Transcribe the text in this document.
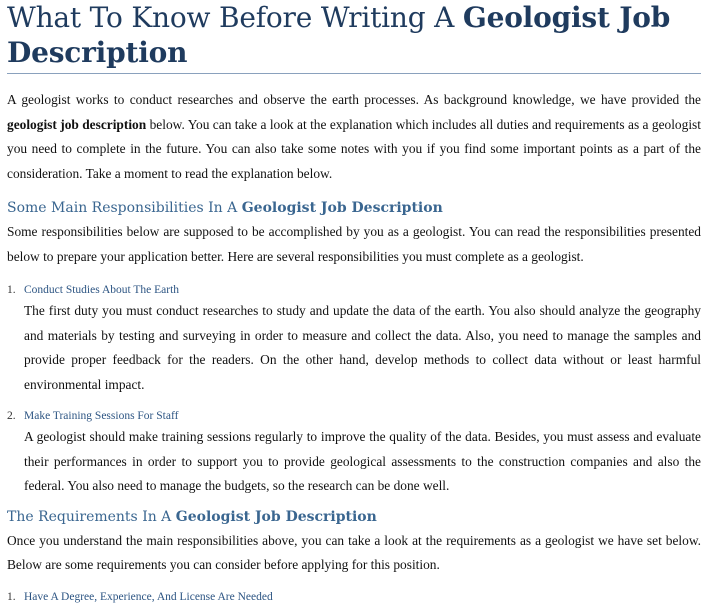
What To Know Before Writing A Geologist Job
Description

A geologist works to conduct researches and observe the earth processes. As background knowledge, we have provided the geologist job description below. You can take a look at the explanation which includes all duties and requirements as a geologist you need to complete in the future. You can also take some notes with you if you find some important points as a part of the consideration. Take a moment to read the explanation below.

Some Main Responsibilities In A Geologist Job Description

Some responsibilities below are supposed to be accomplished by you as a geologist. You can read the responsibilities presented below to prepare your application better. Here are several responsibilities you must complete as a geologist.

1. Conduct Studies About The Earth

The first duty you must conduct researches to study and update the data of the earth. You also should analyze the geography and materials by testing and surveying in order to measure and collect the data. Also, you need to manage the samples and provide proper feedback for the readers. On the other hand, develop methods to collect data without or least harmful environmental impact.

2. Make Training Sessions For Staff

A geologist should make training sessions regularly to improve the quality of the data. Besides, you must assess and evaluate their performances in order to support you to provide geological assessments to the construction companies and also the federal. You also need to manage the budgets, so the research can be done well.

The Requirements In A Geologist Job Description

Once you understand the main responsibilities above, you can take a look at the requirements as a geologist we have set below. Below are some requirements you can consider before applying for this position.

1. Have A Degree, Experience, And License Are Needed
